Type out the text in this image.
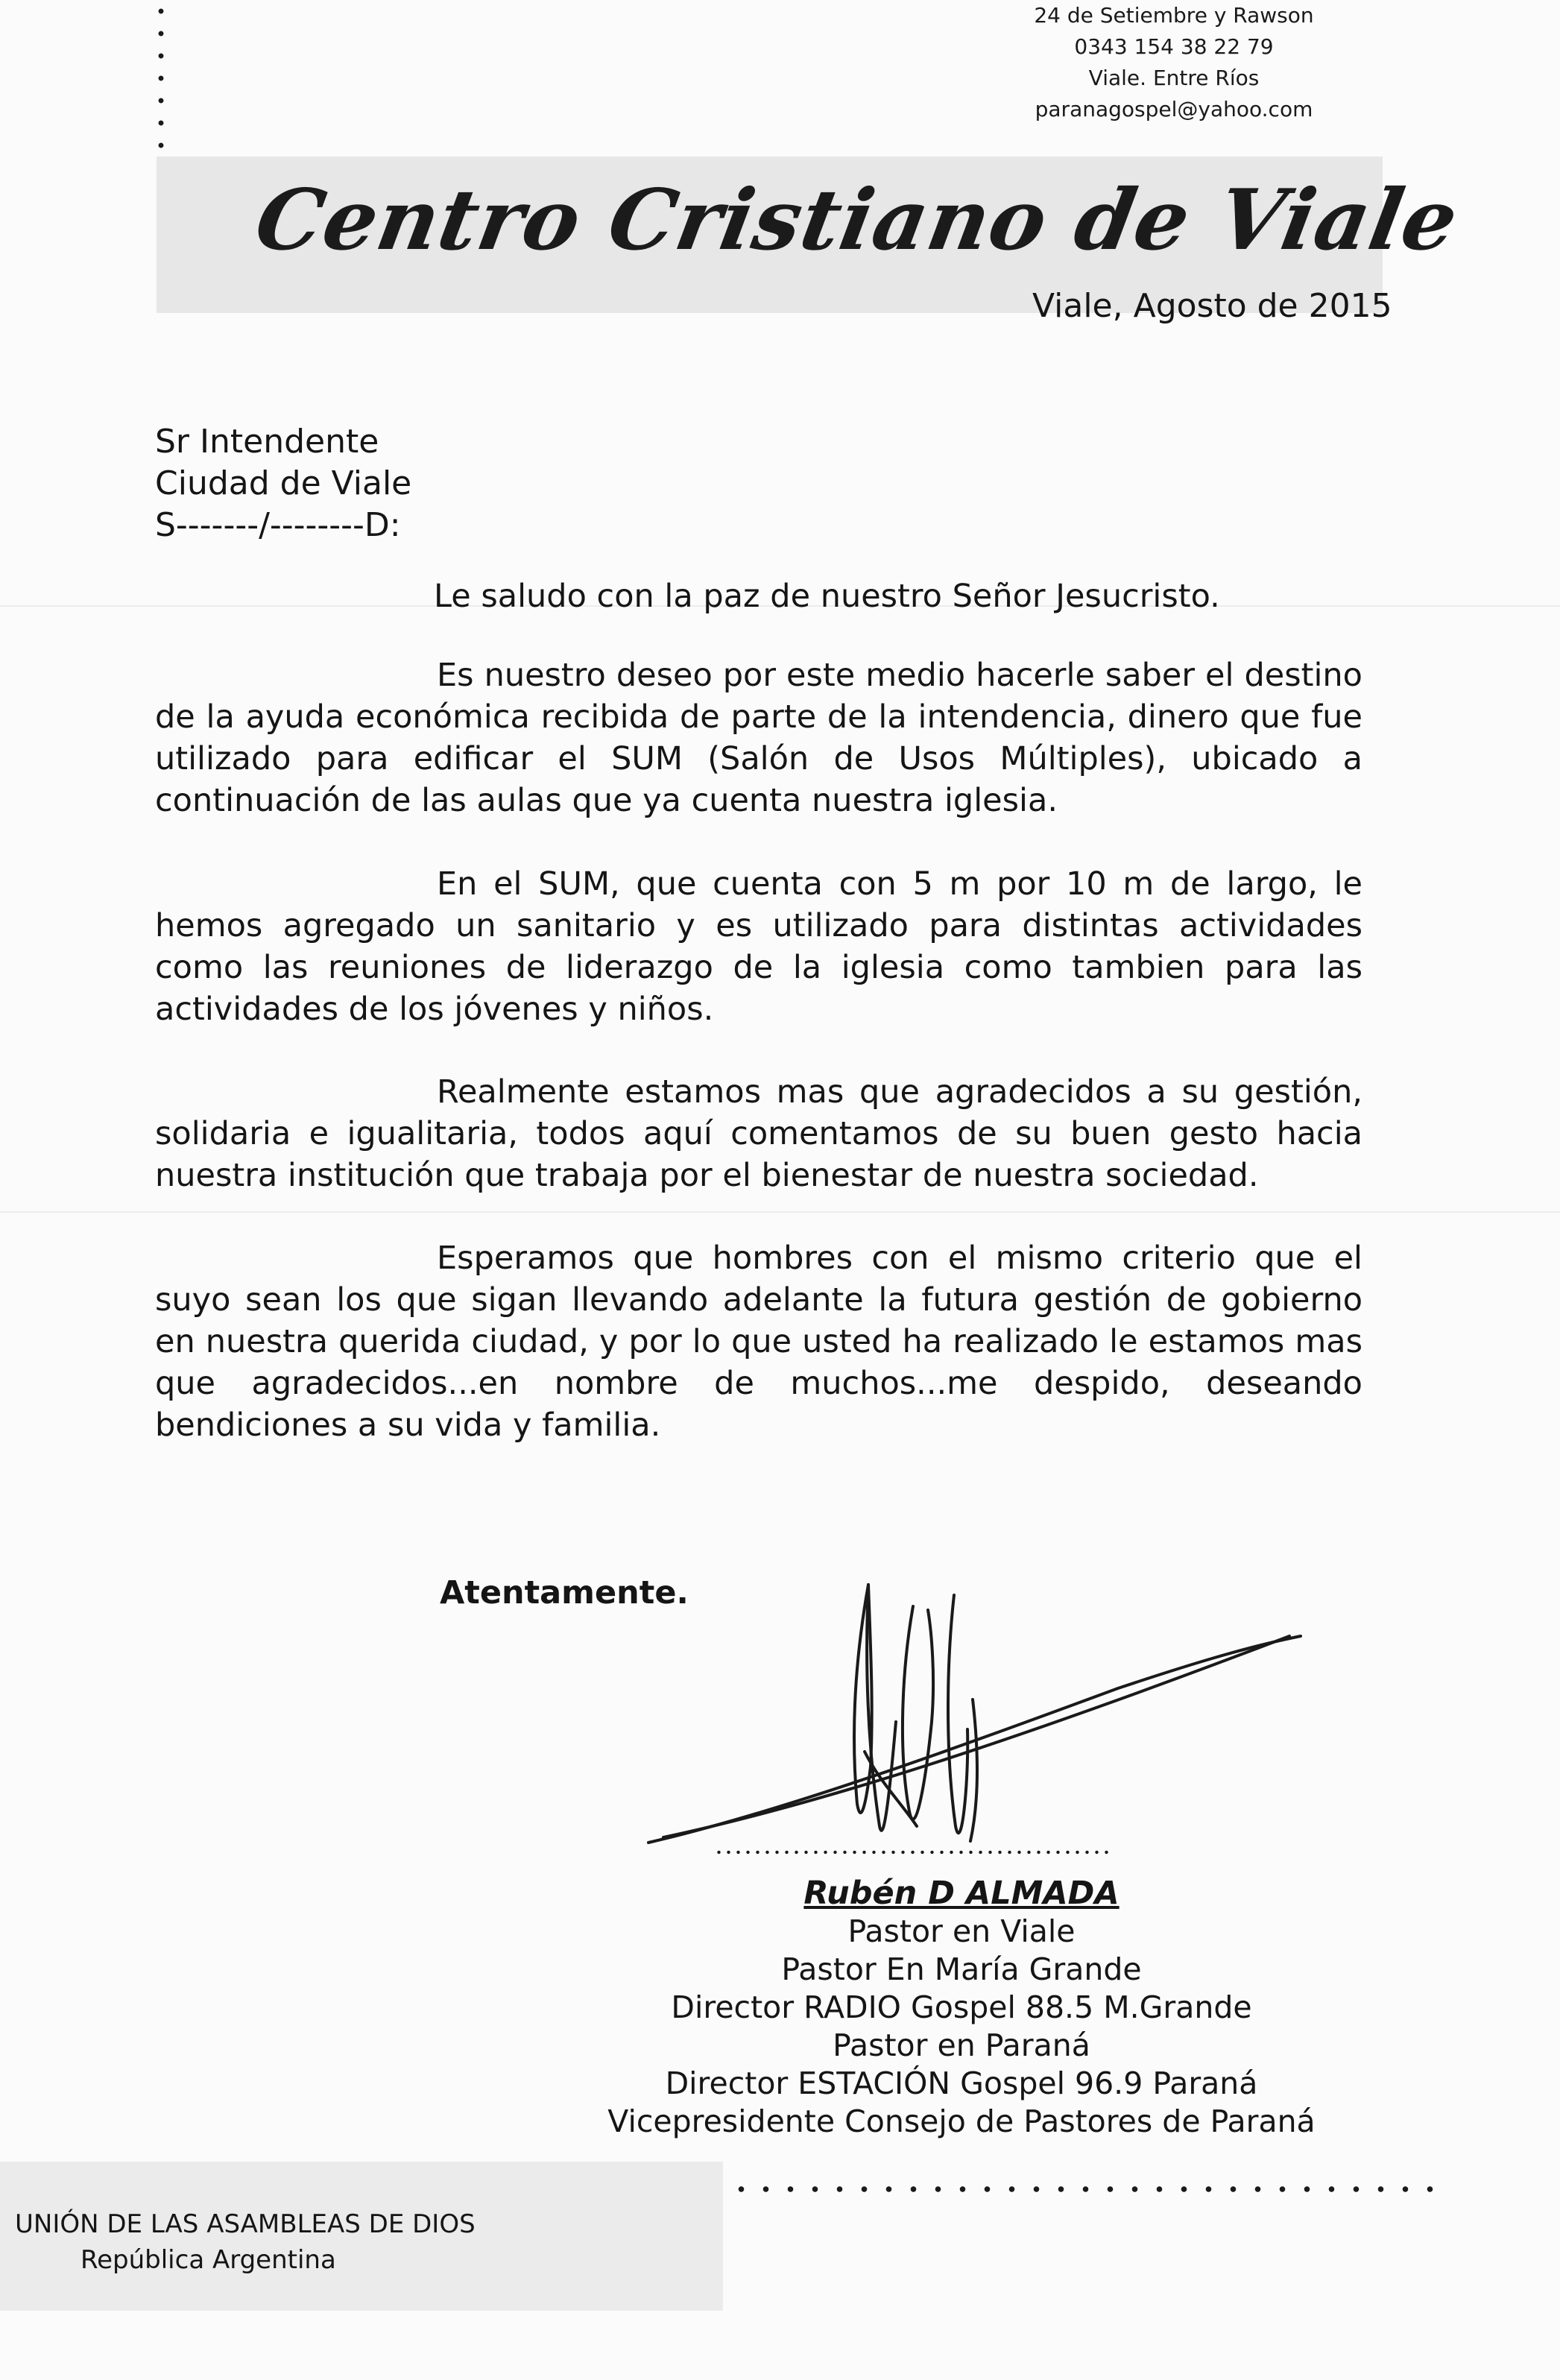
24 de Setiembre y Rawson
0343 154 38 22 79
Viale. Entre Ríos
paranagospel@yahoo.com
Centro Cristiano de Viale
Viale, Agosto de 2015
Sr Intendente
Ciudad de Viale
S-------/--------D:
Le saludo con la paz de nuestro Señor Jesucristo.
Es nuestro deseo por este medio hacerle saber el destino de la ayuda económica recibida de parte de la intendencia, dinero que fue utilizado para edificar el SUM (Salón de Usos Múltiples), ubicado a continuación de las aulas que ya cuenta nuestra iglesia.
En el SUM, que cuenta con 5 m por 10 m de largo, le hemos agregado un sanitario y es utilizado para distintas actividades como las reuniones de liderazgo de la iglesia como tambien para las actividades de los jóvenes y niños.
Realmente estamos mas que agradecidos a su gestión, solidaria e igualitaria, todos aquí comentamos de su buen gesto hacia nuestra institución que trabaja por el bienestar de nuestra sociedad.
Esperamos que hombres con el mismo criterio que el suyo sean los que sigan llevando adelante la futura gestión de gobierno en nuestra querida ciudad, y por lo que usted ha realizado le estamos mas que agradecidos...en nombre de muchos...me despido, deseando bendiciones a su vida y familia.
Atentamente.
Rubén D ALMADA
Pastor en Viale
Pastor En María Grande
Director RADIO Gospel 88.5 M.Grande
Pastor en Paraná
Director ESTACIÓN Gospel 96.9 Paraná
Vicepresidente Consejo de Pastores de Paraná
UNIÓN DE LAS ASAMBLEAS DE DIOS
República Argentina
